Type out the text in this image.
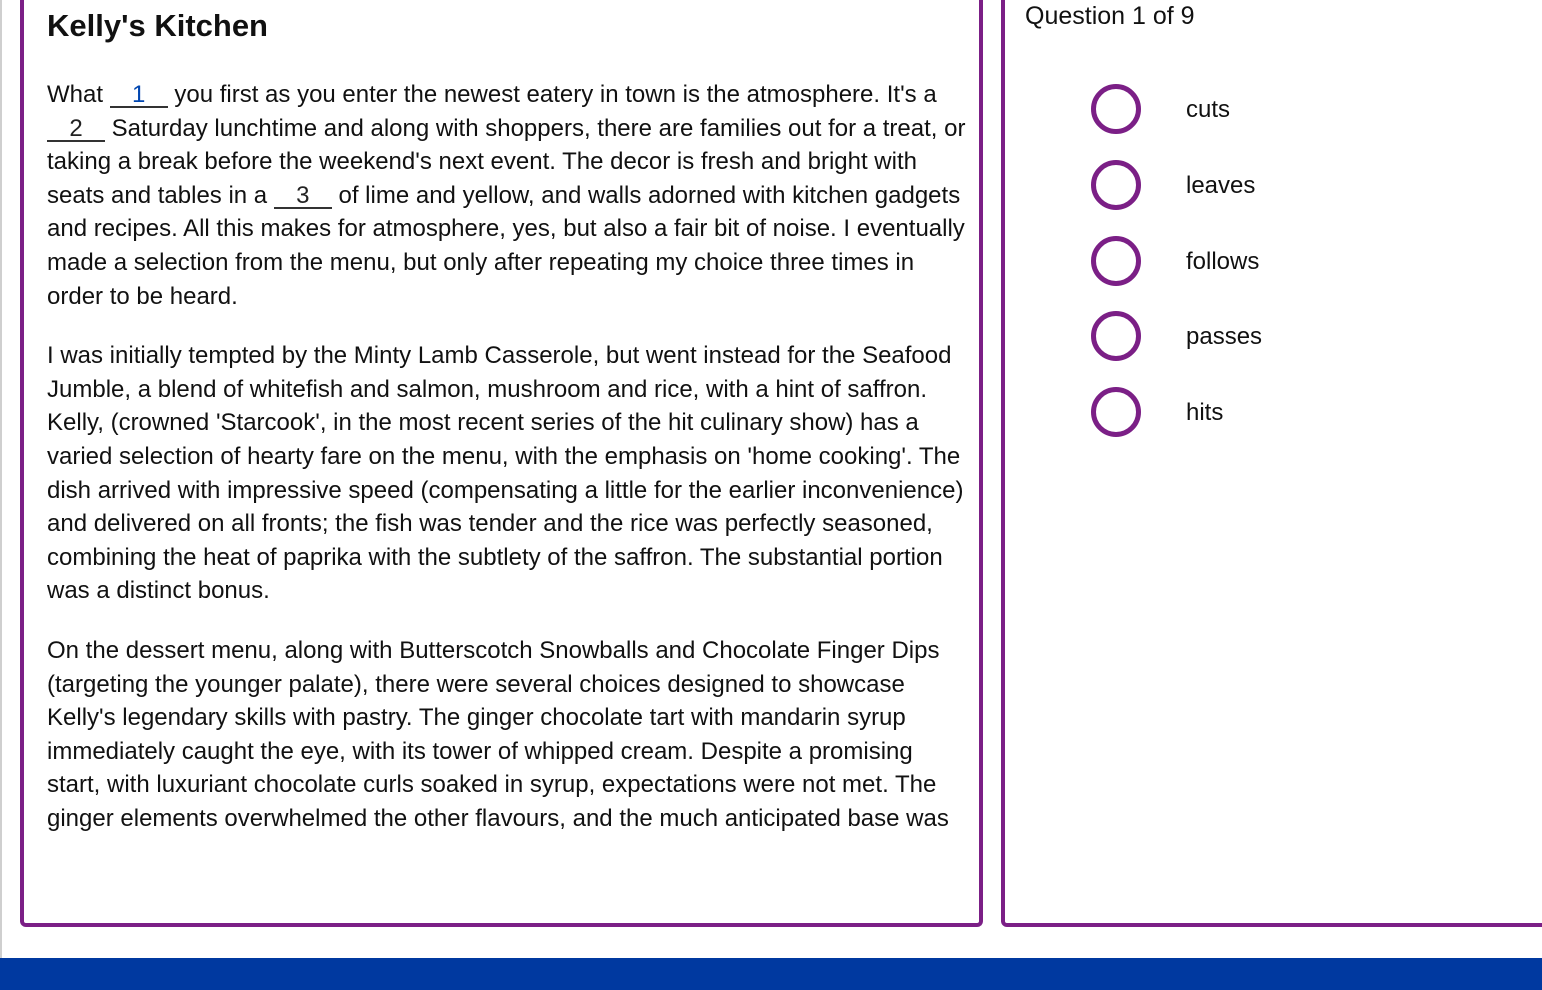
Kelly's Kitchen

What 1 you first as you enter the newest eatery in town is the atmosphere. It's a 2 Saturday lunchtime and along with shoppers, there are families out for a treat, or taking a break before the weekend's next event. The decor is fresh and bright with seats and tables in a 3 of lime and yellow, and walls adorned with kitchen gadgets and recipes. All this makes for atmosphere, yes, but also a fair bit of noise. I eventually made a selection from the menu, but only after repeating my choice three times in order to be heard.

I was initially tempted by the Minty Lamb Casserole, but went instead for the Seafood Jumble, a blend of whitefish and salmon, mushroom and rice, with a hint of saffron. Kelly, (crowned 'Starcook', in the most recent series of the hit culinary show) has a varied selection of hearty fare on the menu, with the emphasis on 'home cooking'. The dish arrived with impressive speed (compensating a little for the earlier inconvenience) and delivered on all fronts; the fish was tender and the rice was perfectly seasoned, combining the heat of paprika with the subtlety of the saffron. The substantial portion was a distinct bonus.

On the dessert menu, along with Butterscotch Snowballs and Chocolate Finger Dips (targeting the younger palate), there were several choices designed to showcase Kelly's legendary skills with pastry. The ginger chocolate tart with mandarin syrup immediately caught the eye, with its tower of whipped cream. Despite a promising start, with luxuriant chocolate curls soaked in syrup, expectations were not met. The ginger elements overwhelmed the other flavours, and the much anticipated base was

Question 1 of 9
cuts
leaves
follows
passes
hits
